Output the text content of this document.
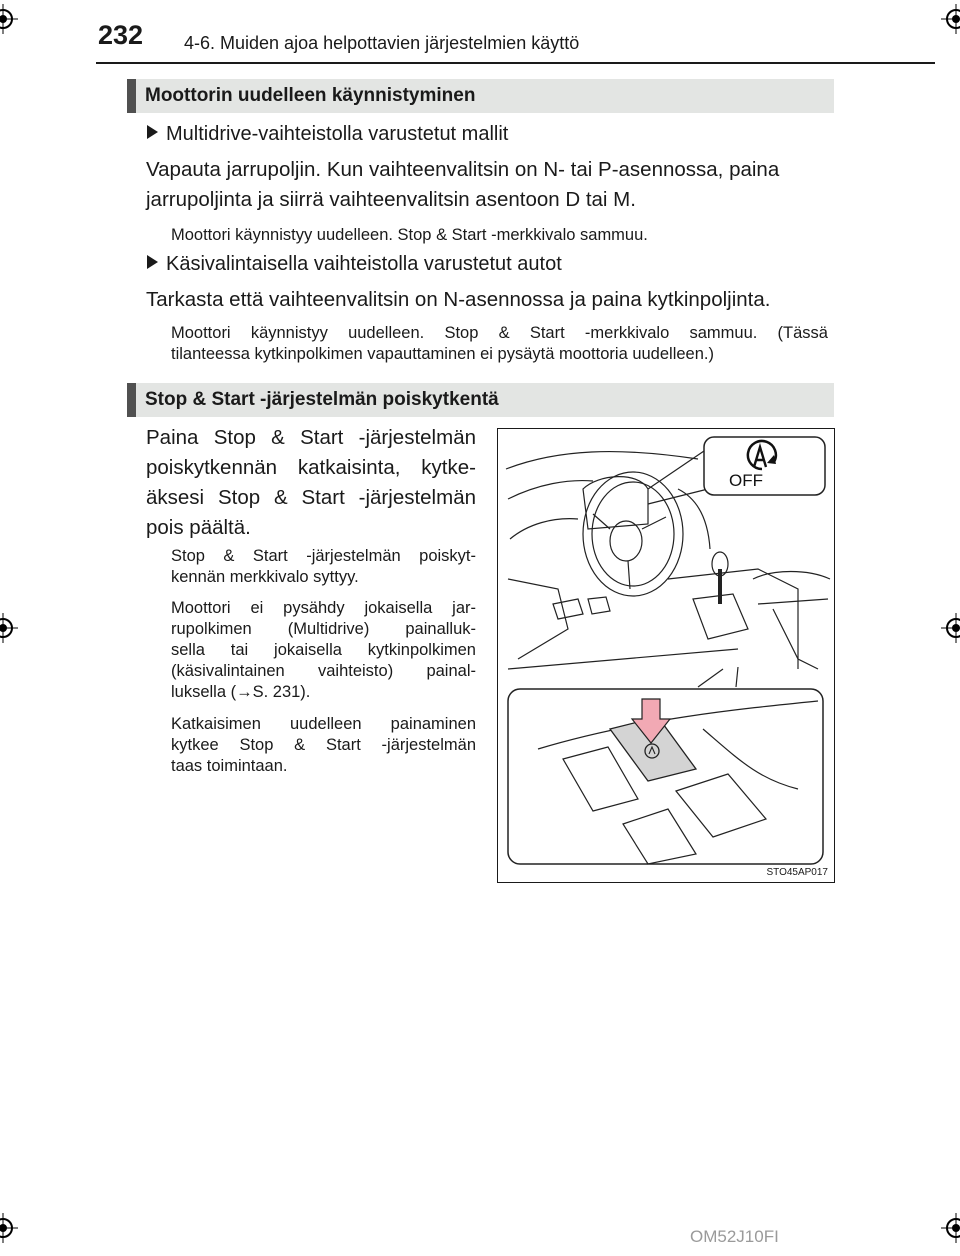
232 4-6. Muiden ajoa helpottavien järjestelmien käyttö
Moottorin uudelleen käynnistyminen
Multidrive-vaihteistolla varustetut mallit
Vapauta jarrupoljin. Kun vaihteenvalitsin on N- tai P-asennossa, paina
jarrupoljinta ja siirrä vaihteenvalitsin asentoon D tai M.
Moottori käynnistyy uudelleen. Stop & Start -merkkivalo sammuu.
Käsivalintaisella vaihteistolla varustetut autot
Tarkasta että vaihteenvalitsin on N-asennossa ja paina kytkinpoljinta.
Moottori käynnistyy uudelleen. Stop & Start -merkkivalo sammuu. (Tässä
tilanteessa kytkinpolkimen vapauttaminen ei pysäytä moottoria uudelleen.)
Stop & Start -järjestelmän poiskytkentä
Paina Stop & Start -järjestelmän
poiskytkennän katkaisinta, kytke-
äksesi Stop & Start -järjestelmän
pois päältä.
Stop & Start -järjestelmän poiskyt-
kennän merkkivalo syttyy.
Moottori ei pysähdy jokaisella jar-
rupolkimen (Multidrive) painalluk-
sella tai jokaisella kytkinpolkimen
(käsivalintainen vaihteisto) painal-
luksella (→S. 231).
Katkaisimen uudelleen painaminen
kytkee Stop & Start -järjestelmän
taas toimintaan.
OFF
STO45AP017
OM52J10FI
